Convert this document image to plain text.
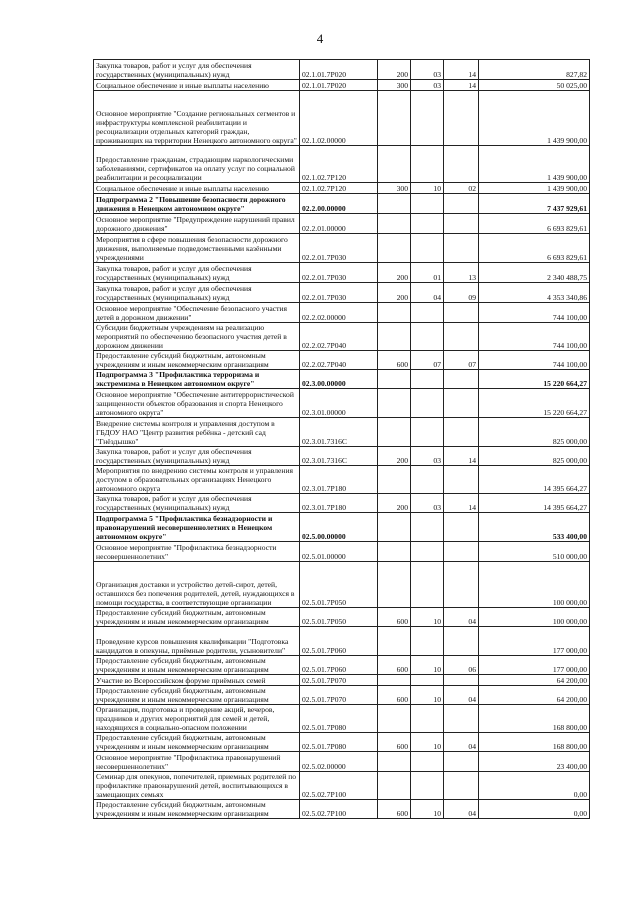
4
Закупка товаров, работ и услуг для обеспечения государственных (муниципальных) нужд	02.1.01.7Р020	200	03	14	827,82
Социальное обеспечение и иные выплаты населению	02.1.01.7Р020	300	03	14	50 025,00
Основное мероприятие "Создание региональных сегментов и инфраструктуры комплексной реабилитации и ресоциализации отдельных категорий граждан, проживающих на территории Ненецкого автономного округа"	02.1.02.00000				1 439 900,00
Предоставление гражданам, страдающим наркологическими заболеваниями, сертификатов на оплату услуг по социальной реабилитации и ресоциализации	02.1.02.7Р120				1 439 900,00
Социальное обеспечение и иные выплаты населению	02.1.02.7Р120	300	10	02	1 439 900,00
Подпрограмма 2 "Повышение безопасности дорожного движения в Ненецком автономном округе"	02.2.00.00000				7 437 929,61
Основное мероприятие "Предупреждение нарушений правил дорожного движения"	02.2.01.00000				6 693 829,61
Мероприятия в сфере повышения безопасности дорожного движения, выполняемые подведомственными казёнными учреждениями	02.2.01.7Р030				6 693 829,61
Закупка товаров, работ и услуг для обеспечения государственных (муниципальных) нужд	02.2.01.7Р030	200	01	13	2 340 488,75
Закупка товаров, работ и услуг для обеспечения государственных (муниципальных) нужд	02.2.01.7Р030	200	04	09	4 353 340,86
Основное мероприятие "Обеспечение безопасного участия детей в дорожном движении"	02.2.02.00000				744 100,00
Субсидии бюджетным учреждениям на реализацию мероприятий по обеспечению безопасного участия детей в дорожном движении	02.2.02.7Р040				744 100,00
Предоставление субсидий бюджетным, автономным учреждениям и иным некоммерческим организациям	02.2.02.7Р040	600	07	07	744 100,00
Подпрограмма 3 "Профилактика терроризма и экстремизма в Ненецком автономном округе"	02.3.00.00000				15 220 664,27
Основное мероприятие "Обеспечение антитеррористической защищенности объектов образования и спорта Ненецкого автономного округа"	02.3.01.00000				15 220 664,27
Внедрение системы контроля и управления доступом в ГБДОУ НАО "Центр развития ребёнка - детский сад "Гнёздышко"	02.3.01.7316С				825 000,00
Закупка товаров, работ и услуг для обеспечения государственных (муниципальных) нужд	02.3.01.7316С	200	03	14	825 000,00
Мероприятия по внедрению системы контроля и управления доступом в образовательных организациях Ненецкого автономного округа	02.3.01.7Р180				14 395 664,27
Закупка товаров, работ и услуг для обеспечения государственных (муниципальных) нужд	02.3.01.7Р180	200	03	14	14 395 664,27
Подпрограмма 5 "Профилактика безнадзорности и правонарушений несовершеннолетних в Ненецком автономном округе"	02.5.00.00000				533 400,00
Основное мероприятие "Профилактика безнадзорности несовершеннолетних"	02.5.01.00000				510 000,00
Организация доставки и устройство детей-сирот, детей, оставшихся без попечения родителей, детей, нуждающихся в помощи государства, в соответствующие организации	02.5.01.7Р050				100 000,00
Предоставление субсидий бюджетным, автономным учреждениям и иным некоммерческим организациям	02.5.01.7Р050	600	10	04	100 000,00
Проведение курсов повышения квалификации "Подготовка кандидатов в опекуны, приёмные родители, усыновители"	02.5.01.7Р060				177 000,00
Предоставление субсидий бюджетным, автономным учреждениям и иным некоммерческим организациям	02.5.01.7Р060	600	10	06	177 000,00
Участие во Всероссийском форуме приёмных семей	02.5.01.7Р070				64 200,00
Предоставление субсидий бюджетным, автономным учреждениям и иным некоммерческим организациям	02.5.01.7Р070	600	10	04	64 200,00
Организация, подготовка и проведение акций, вечеров, праздников и других мероприятий для семей и детей, находящихся в социально-опасном положении	02.5.01.7Р080				168 800,00
Предоставление субсидий бюджетным, автономным учреждениям и иным некоммерческим организациям	02.5.01.7Р080	600	10	04	168 800,00
Основное мероприятие "Профилактика правонарушений несовершеннолетних"	02.5.02.00000				23 400,00
Семинар для опекунов, попечителей, приемных родителей по профилактике правонарушений детей, воспитывающихся в замещающих семьях	02.5.02.7Р100				0,00
Предоставление субсидий бюджетным, автономным учреждениям и иным некоммерческим организациям	02.5.02.7Р100	600	10	04	0,00
